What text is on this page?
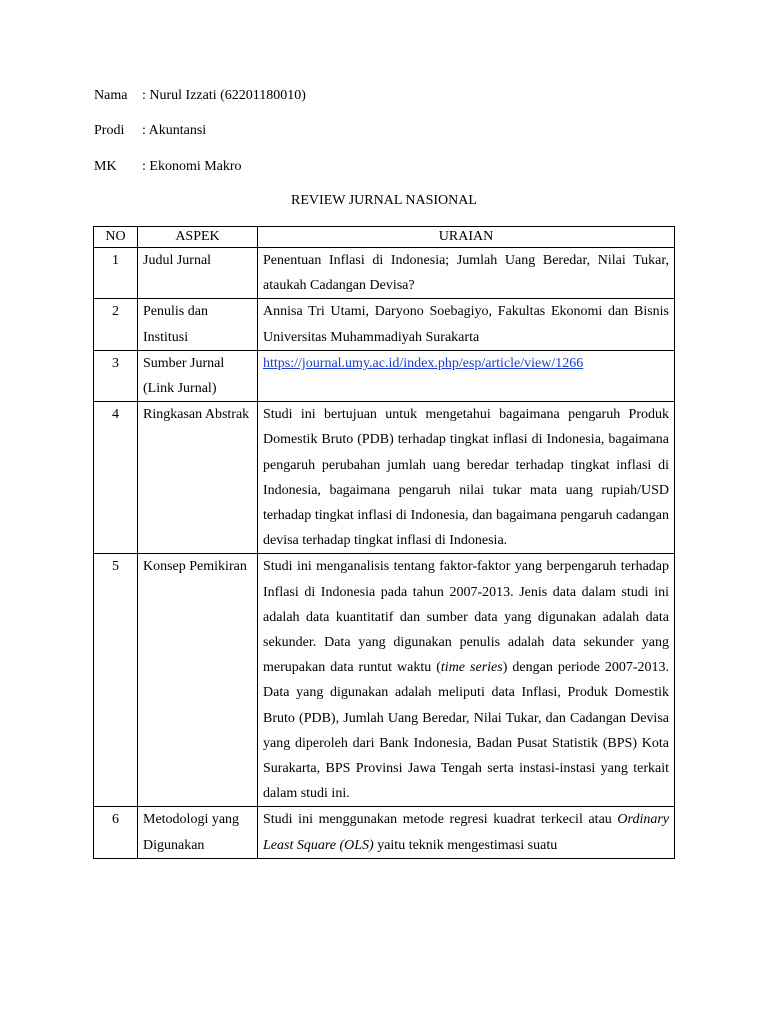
Nama : Nurul Izzati (62201180010)
Prodi : Akuntansi
MK : Ekonomi Makro
REVIEW JURNAL NASIONAL
NO	ASPEK	URAIAN
1	Judul Jurnal	Penentuan Inflasi di Indonesia; Jumlah Uang Beredar, Nilai Tukar, ataukah Cadangan Devisa?
2	Penulis dan Institusi	Annisa Tri Utami, Daryono Soebagiyo, Fakultas Ekonomi dan Bisnis Universitas Muhammadiyah Surakarta
3	Sumber Jurnal (Link Jurnal)	https://journal.umy.ac.id/index.php/esp/article/view/1266
4	Ringkasan Abstrak	Studi ini bertujuan untuk mengetahui bagaimana pengaruh Produk Domestik Bruto (PDB) terhadap tingkat inflasi di Indonesia, bagaimana pengaruh perubahan jumlah uang beredar terhadap tingkat inflasi di Indonesia, bagaimana pengaruh nilai tukar mata uang rupiah/USD terhadap tingkat inflasi di Indonesia, dan bagaimana pengaruh cadangan devisa terhadap tingkat inflasi di Indonesia.
5	Konsep Pemikiran	Studi ini menganalisis tentang faktor-faktor yang berpengaruh terhadap Inflasi di Indonesia pada tahun 2007-2013. Jenis data dalam studi ini adalah data kuantitatif dan sumber data yang digunakan adalah data sekunder. Data yang digunakan penulis adalah data sekunder yang merupakan data runtut waktu (time series) dengan periode 2007-2013. Data yang digunakan adalah meliputi data Inflasi, Produk Domestik Bruto (PDB), Jumlah Uang Beredar, Nilai Tukar, dan Cadangan Devisa yang diperoleh dari Bank Indonesia, Badan Pusat Statistik (BPS) Kota Surakarta, BPS Provinsi Jawa Tengah serta instasi-instasi yang terkait dalam studi ini.
6	Metodologi yang Digunakan	Studi ini menggunakan metode regresi kuadrat terkecil atau Ordinary Least Square (OLS) yaitu teknik mengestimasi suatu
